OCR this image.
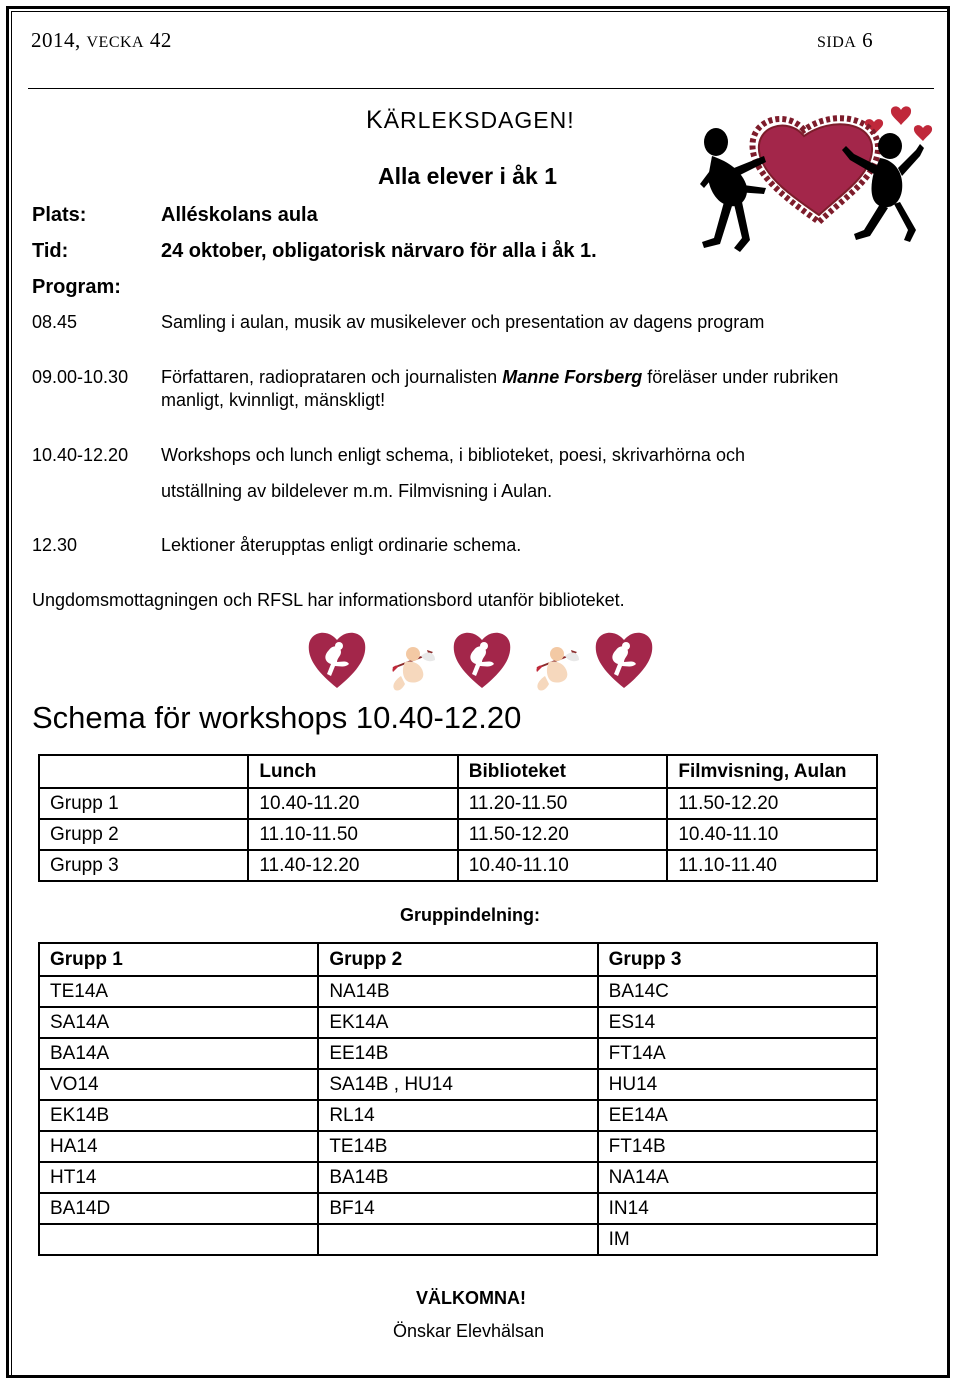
2014, VECKA 42	SIDA 6
KÄRLEKSDAGEN!
Alla elever i åk 1
Plats:	Alléskolans aula
Tid:	24 oktober, obligatorisk närvaro för alla i åk 1.
Program:
08.45	Samling i aulan, musik av musikelever och presentation av dagens program
09.00-10.30 Författaren, radioprataren och journalisten Manne Forsberg föreläser under rubriken
manligt, kvinnligt, mänskligt!
10.40-12.20 Workshops och lunch enligt schema, i biblioteket, poesi, skrivarhörna och
utställning av bildelever m.m. Filmvisning i Aulan.
12.30	Lektioner återupptas enligt ordinarie schema.
Ungdomsmottagningen och RFSL har informationsbord utanför biblioteket.
Schema för workshops 10.40-12.20
	Lunch	Biblioteket	Filmvisning, Aulan
Grupp 1	10.40-11.20	11.20-11.50	11.50-12.20
Grupp 2	11.10-11.50	11.50-12.20	10.40-11.10
Grupp 3	11.40-12.20	10.40-11.10	11.10-11.40
Gruppindelning:
Grupp 1	Grupp 2	Grupp 3
TE14A	NA14B	BA14C
SA14A	EK14A	ES14
BA14A	EE14B	FT14A
VO14	SA14B , HU14	HU14
EK14B	RL14	EE14A
HA14	TE14B	FT14B
HT14	BA14B	NA14A
BA14D	BF14	IN14
		IM
VÄLKOMNA!
Önskar Elevhälsan
